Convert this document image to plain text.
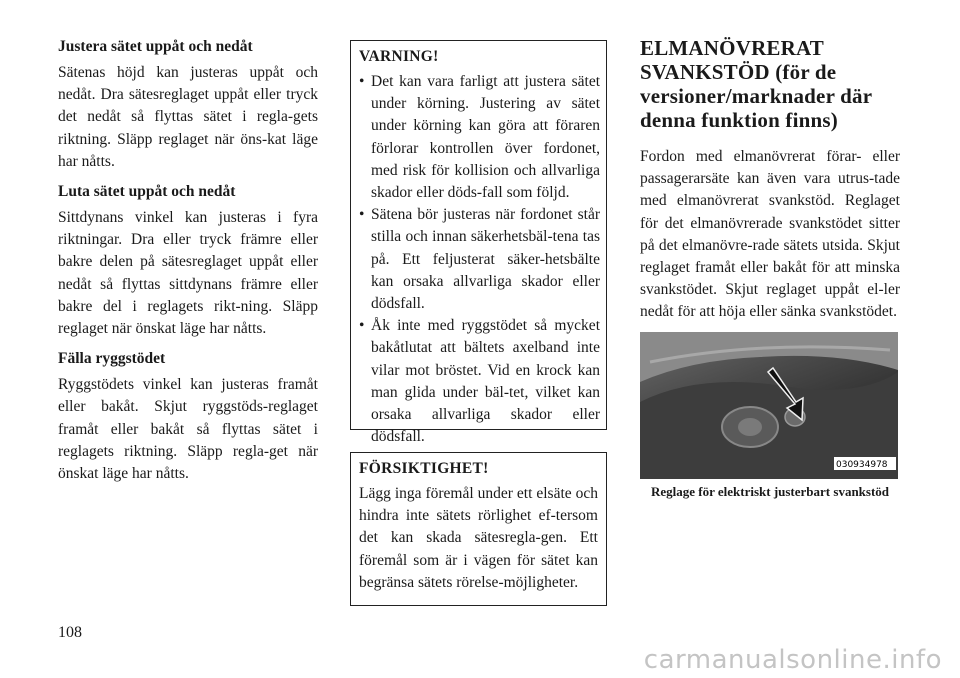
Justera sätet uppåt och nedåt

Sätenas höjd kan justeras uppåt och nedåt. Dra sätesreglaget uppåt eller tryck det nedåt så flyttas sätet i regla-gets riktning. Släpp reglaget när öns-kat läge har nåtts.

Luta sätet uppåt och nedåt

Sittdynans vinkel kan justeras i fyra riktningar. Dra eller tryck främre eller bakre delen på sätesreglaget uppåt eller nedåt så flyttas sittdynans främre eller bakre del i reglagets rikt-ning. Släpp reglaget när önskat läge har nåtts.

Fälla ryggstödet

Ryggstödets vinkel kan justeras framåt eller bakåt. Skjut ryggstöds-reglaget framåt eller bakåt så flyttas sätet i reglagets riktning. Släpp regla-get när önskat läge har nåtts.

VARNING!
• Det kan vara farligt att justera sätet under körning. Justering av sätet under körning kan göra att föraren förlorar kontrollen över fordonet, med risk för kollision och allvarliga skador eller döds-fall som följd.
• Sätena bör justeras när fordonet står stilla och innan säkerhetsbäl-tena tas på. Ett feljusterat säker-hetsbälte kan orsaka allvarliga skador eller dödsfall.
• Åk inte med ryggstödet så mycket bakåtlutat att bältets axelband inte vilar mot bröstet. Vid en krock kan man glida under bäl-tet, vilket kan orsaka allvarliga skador eller dödsfall.
FÖRSIKTIGHET!

Lägg inga föremål under ett elsäte och hindra inte sätets rörlighet ef-tersom det kan skada sätesregla-gen. Ett föremål som är i vägen för sätet kan begränsa sätets rörelse-möjligheter.

ELMANÖVRERAT SVANKSTÖD (för de versioner/marknader där denna funktion finns)

Fordon med elmanövrerat förar- eller passagerarsäte kan även vara utrus-tade med elmanövrerat svankstöd. Reglaget för det elmanövrerade svankstödet sitter på det elmanövre-rade sätets utsida. Skjut reglaget framåt eller bakåt för att minska svankstödet. Skjut reglaget uppåt el-ler nedåt för att höja eller sänka svankstödet.

030934978
Reglage för elektriskt justerbart svankstöd
108
carmanualsonline.info
